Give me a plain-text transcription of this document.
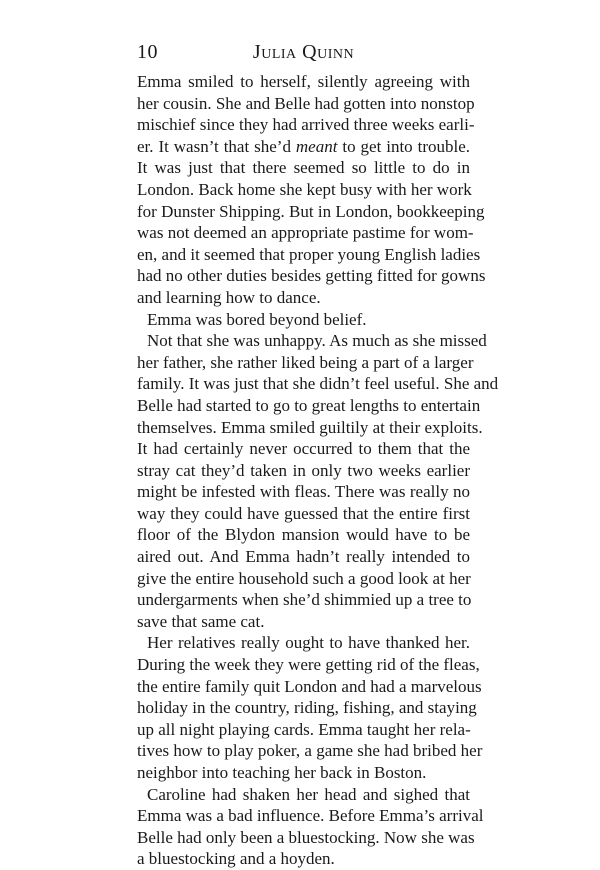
10	Julia Quinn
Emma smiled to herself, silently agreeing with
her cousin. She and Belle had gotten into nonstop
mischief since they had arrived three weeks earli-
er. It wasn’t that she’d meant to get into trouble.
It was just that there seemed so little to do in
London. Back home she kept busy with her work
for Dunster Shipping. But in London, bookkeeping
was not deemed an appropriate pastime for wom-
en, and it seemed that proper young English ladies
had no other duties besides getting fitted for gowns
and learning how to dance.
Emma was bored beyond belief.
Not that she was unhappy. As much as she missed
her father, she rather liked being a part of a larger
family. It was just that she didn’t feel useful. She and
Belle had started to go to great lengths to entertain
themselves. Emma smiled guiltily at their exploits.
It had certainly never occurred to them that the
stray cat they’d taken in only two weeks earlier
might be infested with fleas. There was really no
way they could have guessed that the entire first
floor of the Blydon mansion would have to be
aired out. And Emma hadn’t really intended to
give the entire household such a good look at her
undergarments when she’d shimmied up a tree to
save that same cat.
Her relatives really ought to have thanked her.
During the week they were getting rid of the fleas,
the entire family quit London and had a marvelous
holiday in the country, riding, fishing, and staying
up all night playing cards. Emma taught her rela-
tives how to play poker, a game she had bribed her
neighbor into teaching her back in Boston.
Caroline had shaken her head and sighed that
Emma was a bad influence. Before Emma’s arrival
Belle had only been a bluestocking. Now she was
a bluestocking and a hoyden.
